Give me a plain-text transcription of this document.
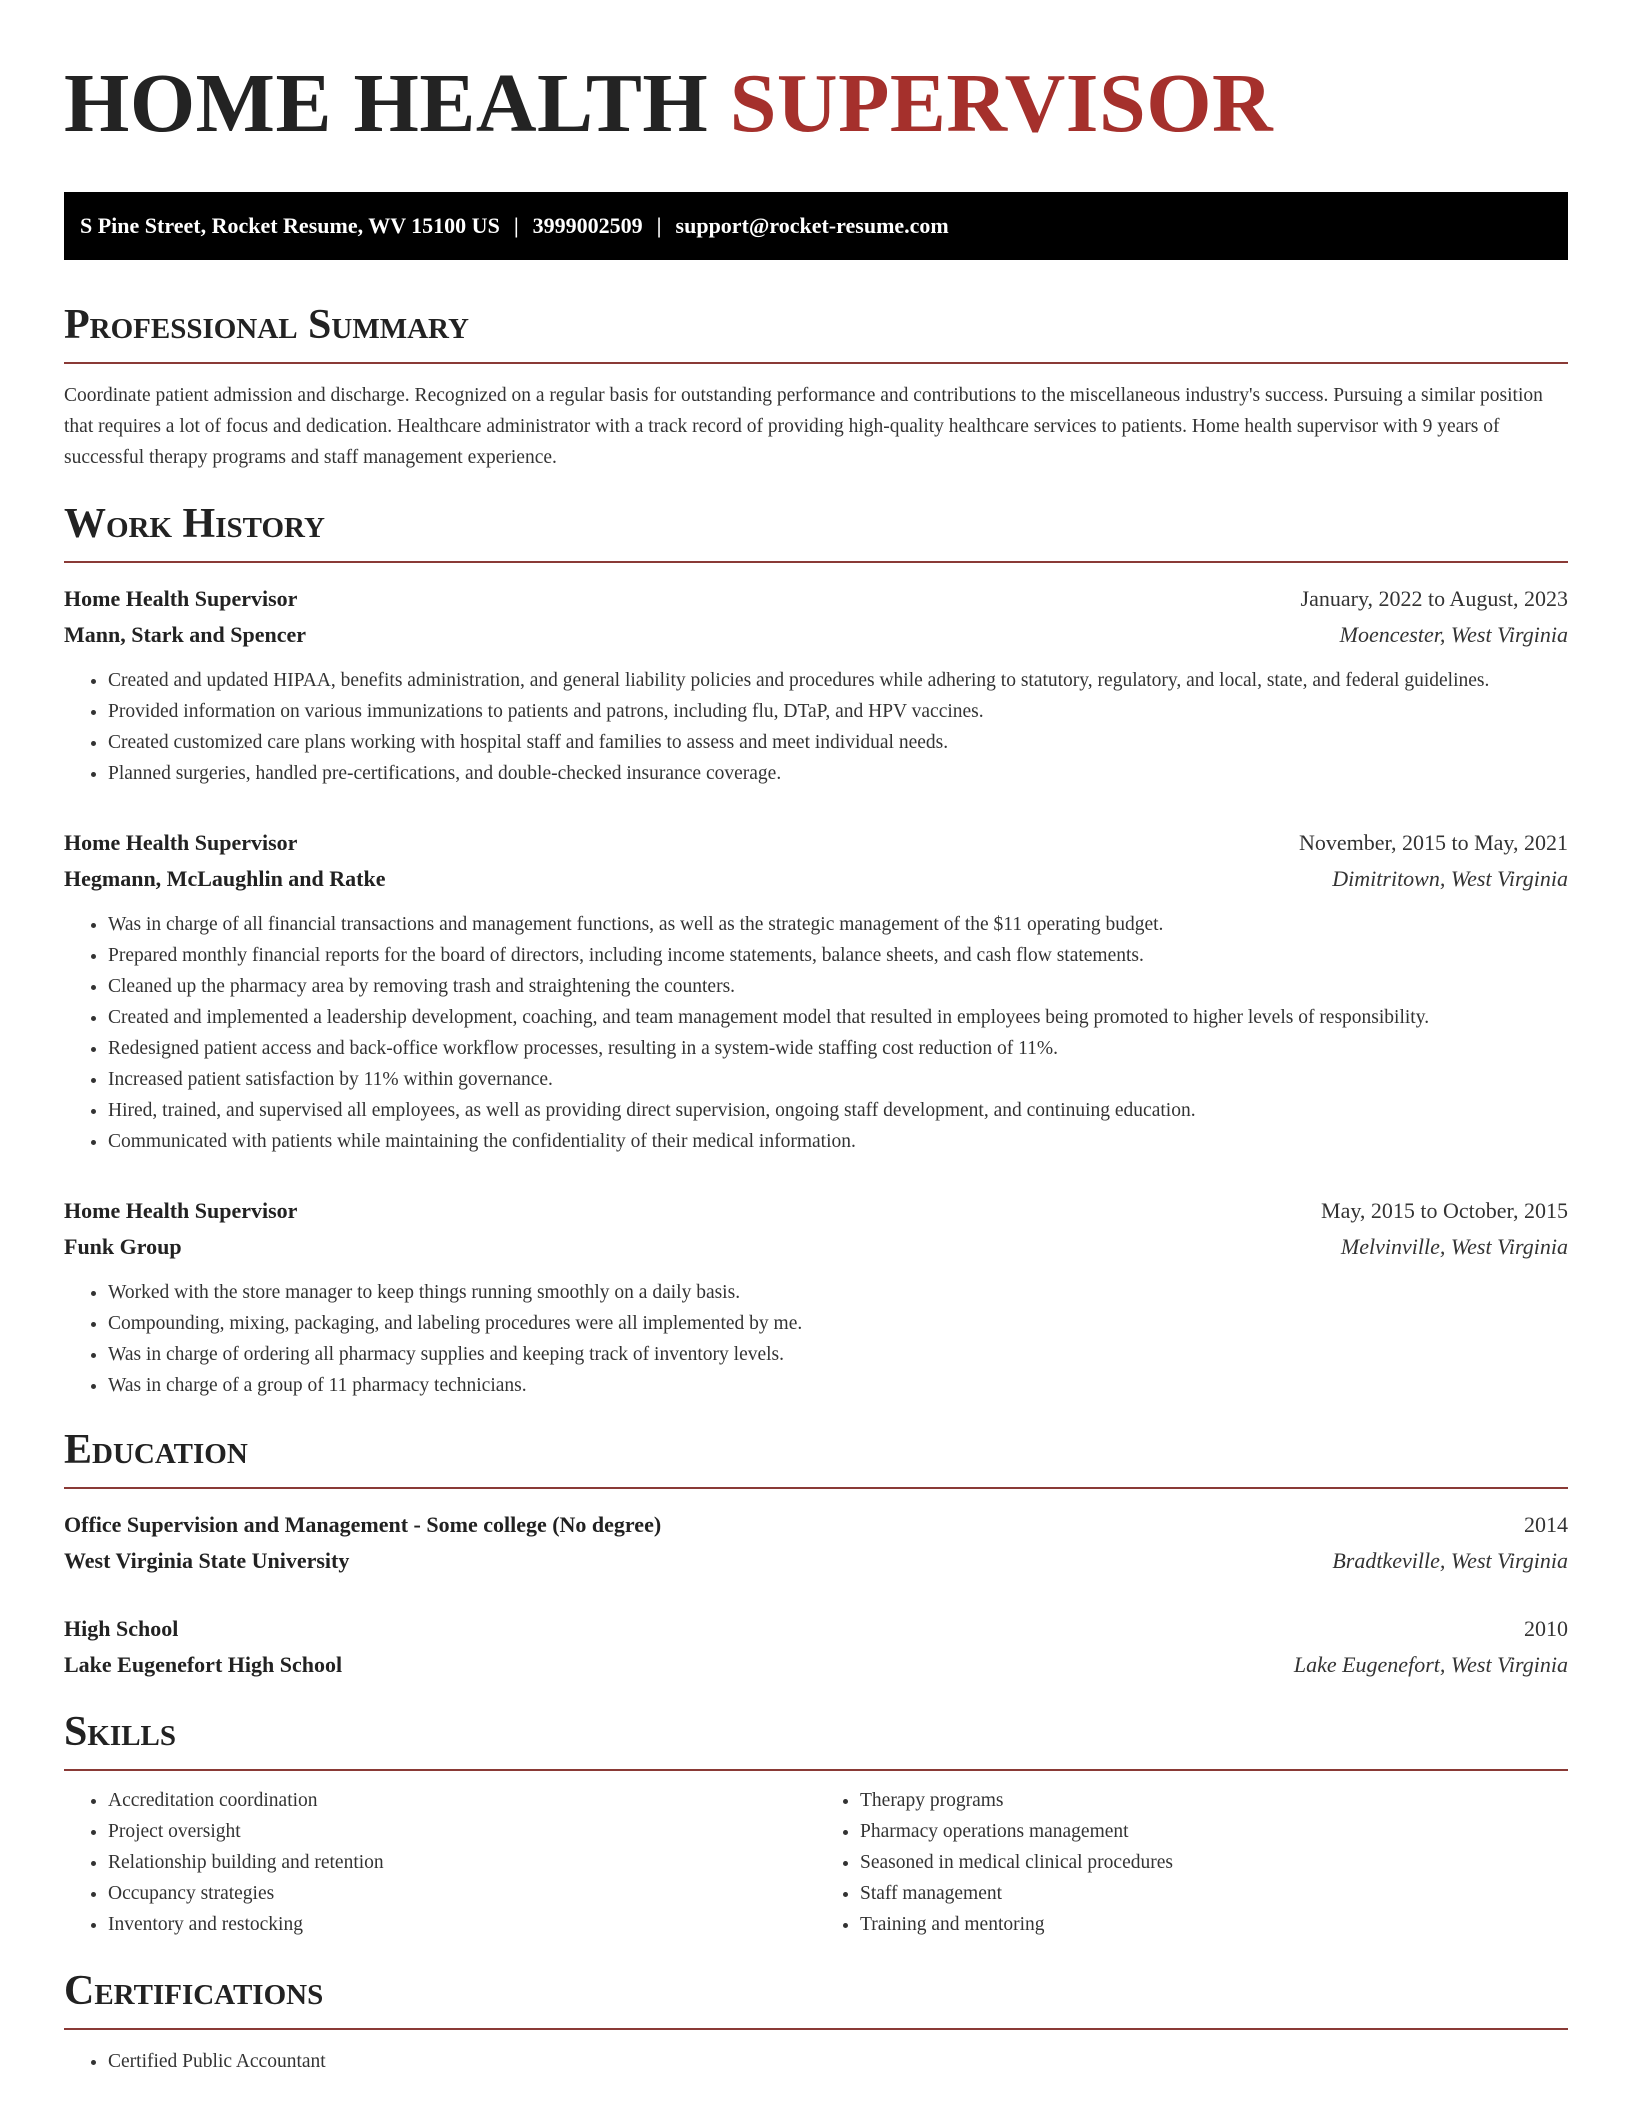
HOME HEALTH SUPERVISOR
S Pine Street, Rocket Resume, WV 15100 US | 3999002509 | support@rocket-resume.com
Professional Summary

Coordinate patient admission and discharge. Recognized on a regular basis for outstanding performance and contributions to the miscellaneous industry's success. Pursuing a similar position that requires a lot of focus and dedication. Healthcare administrator with a track record of providing high-quality healthcare services to patients. Home health supervisor with 9 years of successful therapy programs and staff management experience.

Work History
Home Health Supervisor	January, 2022 to August, 2023
Mann, Stark and Spencer	Moencester, West Virginia
• Created and updated HIPAA, benefits administration, and general liability policies and procedures while adhering to statutory, regulatory, and local, state, and federal guidelines.
• Provided information on various immunizations to patients and patrons, including flu, DTaP, and HPV vaccines.
• Created customized care plans working with hospital staff and families to assess and meet individual needs.
• Planned surgeries, handled pre-certifications, and double-checked insurance coverage.
Home Health Supervisor	November, 2015 to May, 2021
Hegmann, McLaughlin and Ratke	Dimitritown, West Virginia
• Was in charge of all financial transactions and management functions, as well as the strategic management of the $11 operating budget.
• Prepared monthly financial reports for the board of directors, including income statements, balance sheets, and cash flow statements.
• Cleaned up the pharmacy area by removing trash and straightening the counters.
• Created and implemented a leadership development, coaching, and team management model that resulted in employees being promoted to higher levels of responsibility.
• Redesigned patient access and back-office workflow processes, resulting in a system-wide staffing cost reduction of 11%.
• Increased patient satisfaction by 11% within governance.
• Hired, trained, and supervised all employees, as well as providing direct supervision, ongoing staff development, and continuing education.
• Communicated with patients while maintaining the confidentiality of their medical information.
Home Health Supervisor	May, 2015 to October, 2015
Funk Group	Melvinville, West Virginia
• Worked with the store manager to keep things running smoothly on a daily basis.
• Compounding, mixing, packaging, and labeling procedures were all implemented by me.
• Was in charge of ordering all pharmacy supplies and keeping track of inventory levels.
• Was in charge of a group of 11 pharmacy technicians.
Education
Office Supervision and Management - Some college (No degree)	2014
West Virginia State University	Bradtkeville, West Virginia
High School	2010
Lake Eugenefort High School	Lake Eugenefort, West Virginia
Skills
• Accreditation coordination
• Project oversight
• Relationship building and retention
• Occupancy strategies
• Inventory and restocking
• Therapy programs
• Pharmacy operations management
• Seasoned in medical clinical procedures
• Staff management
• Training and mentoring
Certifications
• Certified Public Accountant
